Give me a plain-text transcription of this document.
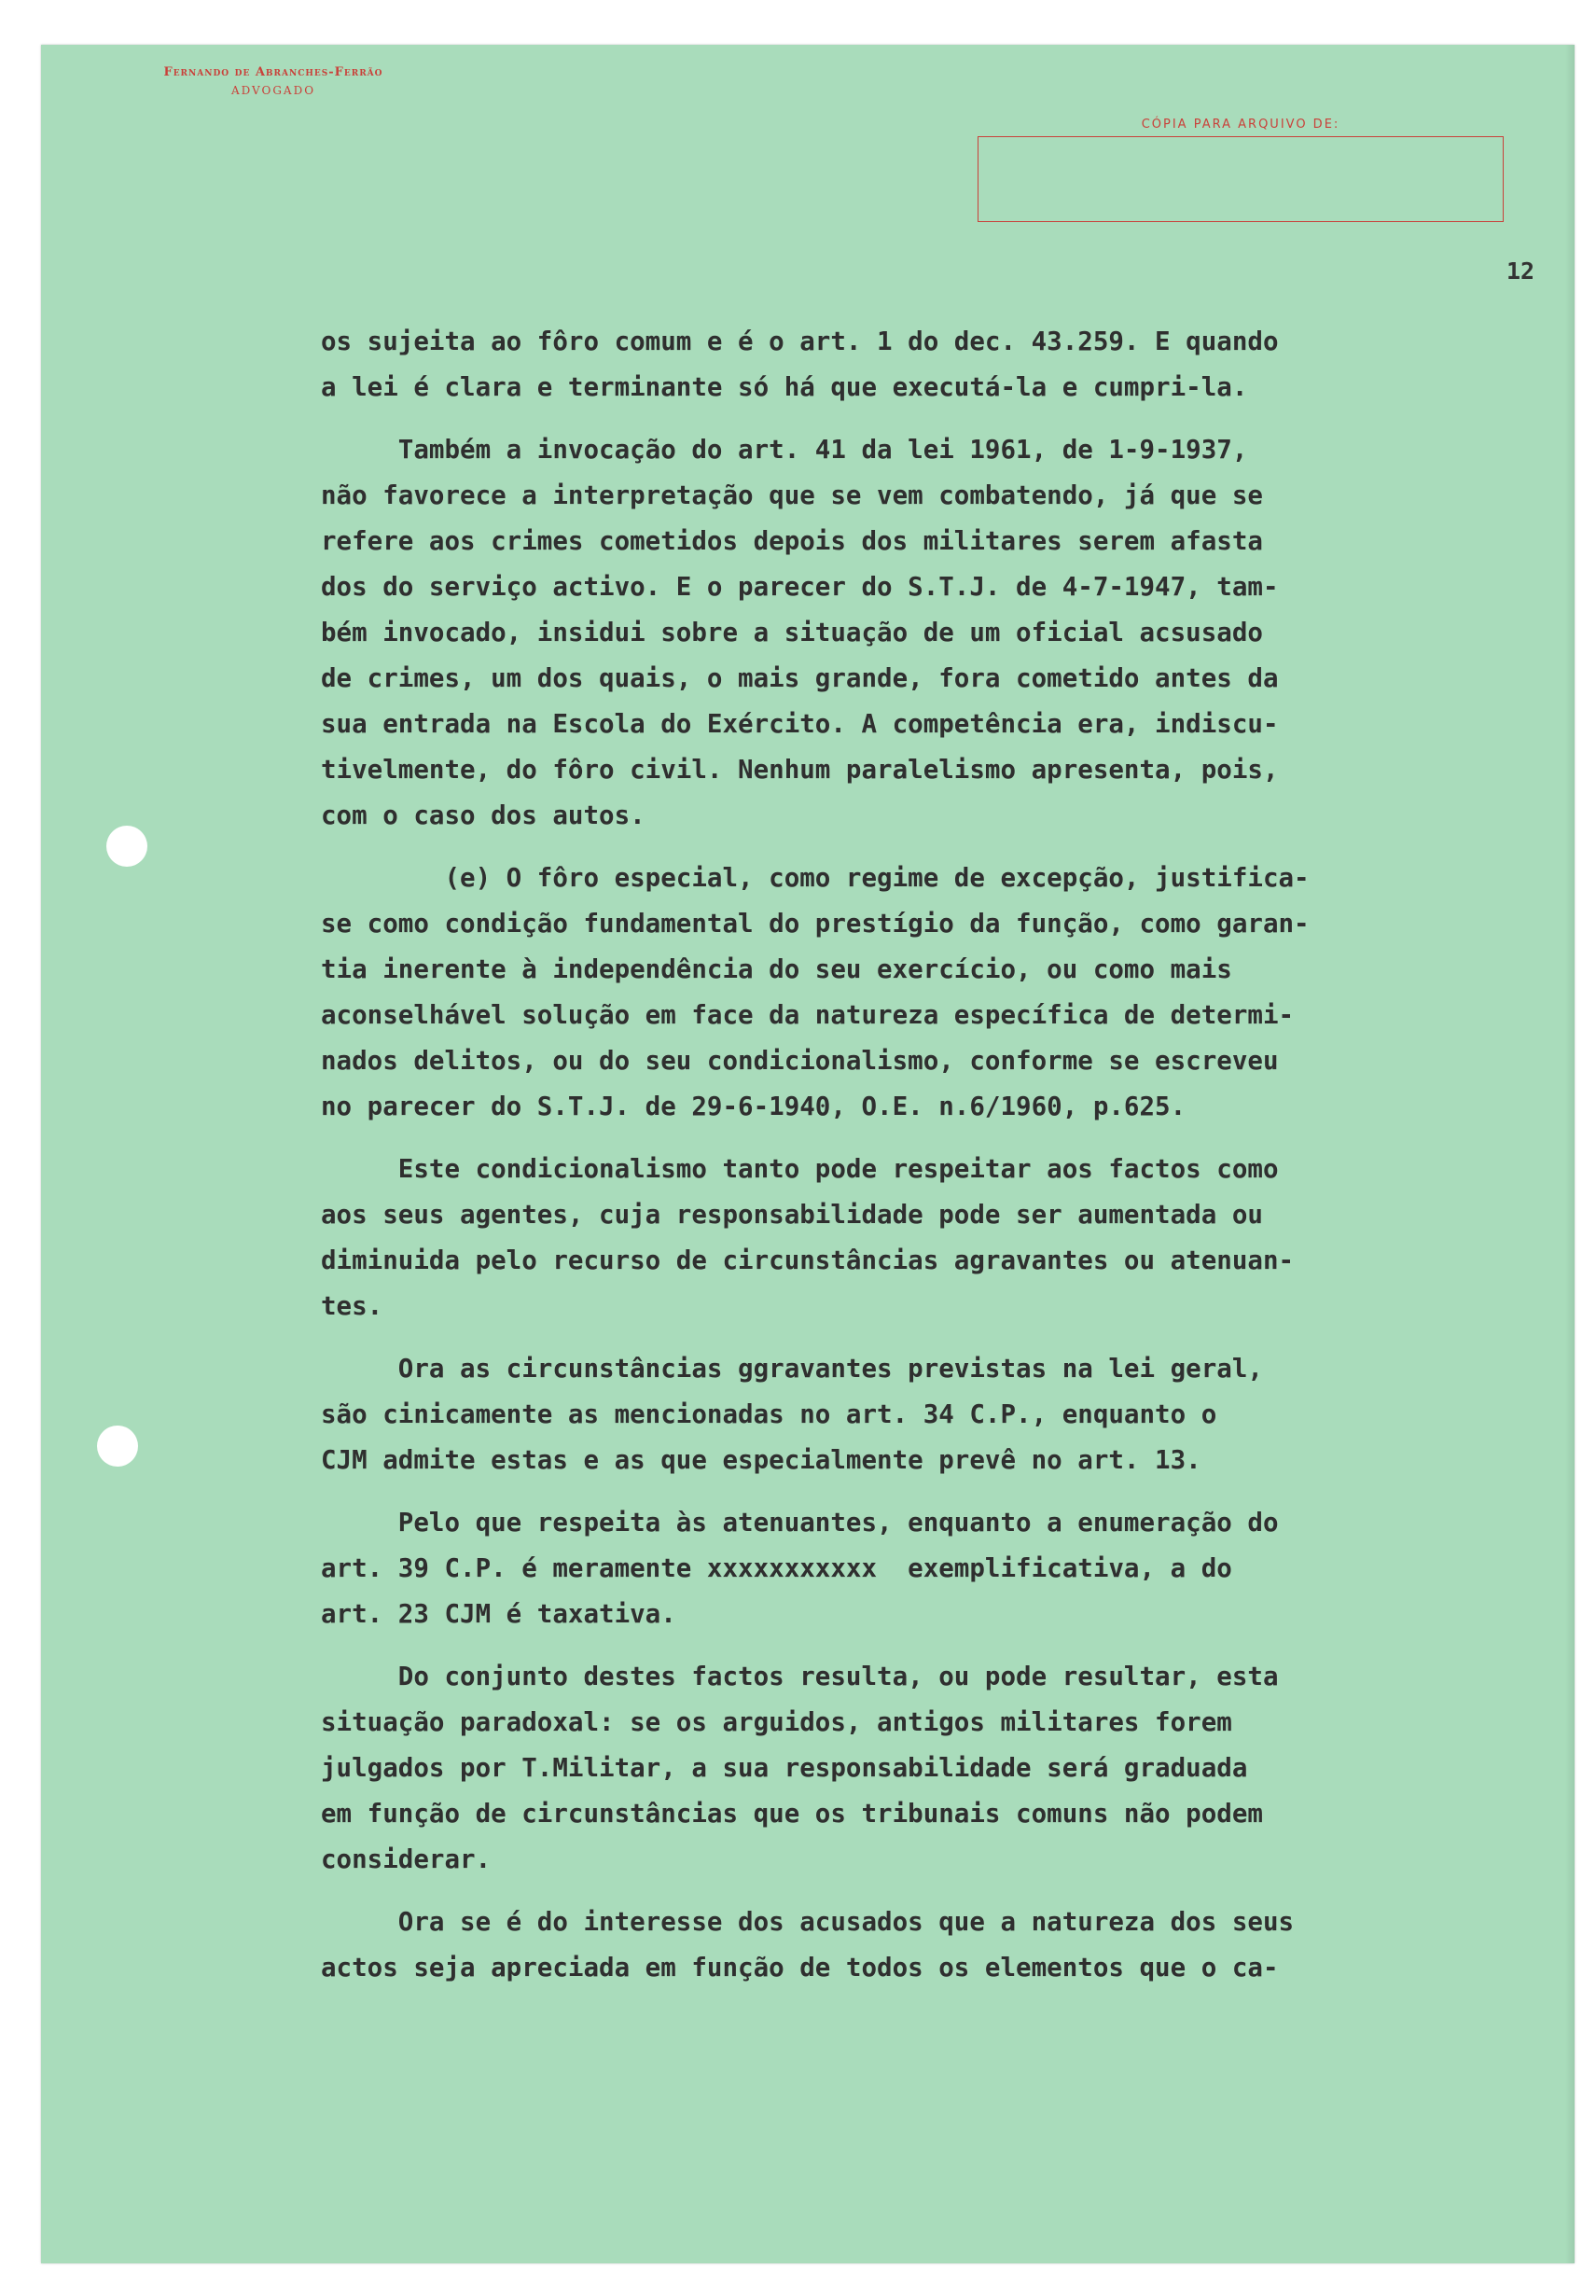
Fernando de Abranches-Ferrão
ADVOGADO
CÓPIA PARA ARQUIVO DE:
12
os sujeita ao fôro comum e é o art. 1 do dec. 43.259. E quando
a lei é clara e terminante só há que executá-la e cumpri-la.
Também a invocação do art. 41 da lei 1961, de 1-9-1937,
não favorece a interpretação que se vem combatendo, já que se
refere aos crimes cometidos depois dos militares serem afasta
dos do serviço activo. E o parecer do S.T.J. de 4-7-1947, tam-
bém invocado, insidui sobre a situação de um oficial acsusado
de crimes, um dos quais, o mais grande, fora cometido antes da
sua entrada na Escola do Exército. A competência era, indiscu-
tivelmente, do fôro civil. Nenhum paralelismo apresenta, pois,
com o caso dos autos.
(e) O fôro especial, como regime de excepção, justifica-
se como condição fundamental do prestígio da função, como garan-
tia inerente à independência do seu exercício, ou como mais
aconselhável solução em face da natureza específica de determi-
nados delitos, ou do seu condicionalismo, conforme se escreveu
no parecer do S.T.J. de 29-6-1940, O.E. n.6/1960, p.625.
Este condicionalismo tanto pode respeitar aos factos como
aos seus agentes, cuja responsabilidade pode ser aumentada ou
diminuida pelo recurso de circunstâncias agravantes ou atenuan-
tes.
Ora as circunstâncias ggravantes previstas na lei geral,
são cinicamente as mencionadas no art. 34 C.P., enquanto o
CJM admite estas e as que especialmente prevê no art. 13.
Pelo que respeita às atenuantes, enquanto a enumeração do
art. 39 C.P. é meramente xxxxxxxxxxx  exemplificativa, a do
art. 23 CJM é taxativa.
Do conjunto destes factos resulta, ou pode resultar, esta
situação paradoxal: se os arguidos, antigos militares forem
julgados por T.Militar, a sua responsabilidade será graduada
em função de circunstâncias que os tribunais comuns não podem
considerar.
Ora se é do interesse dos acusados que a natureza dos seus
actos seja apreciada em função de todos os elementos que o ca-
